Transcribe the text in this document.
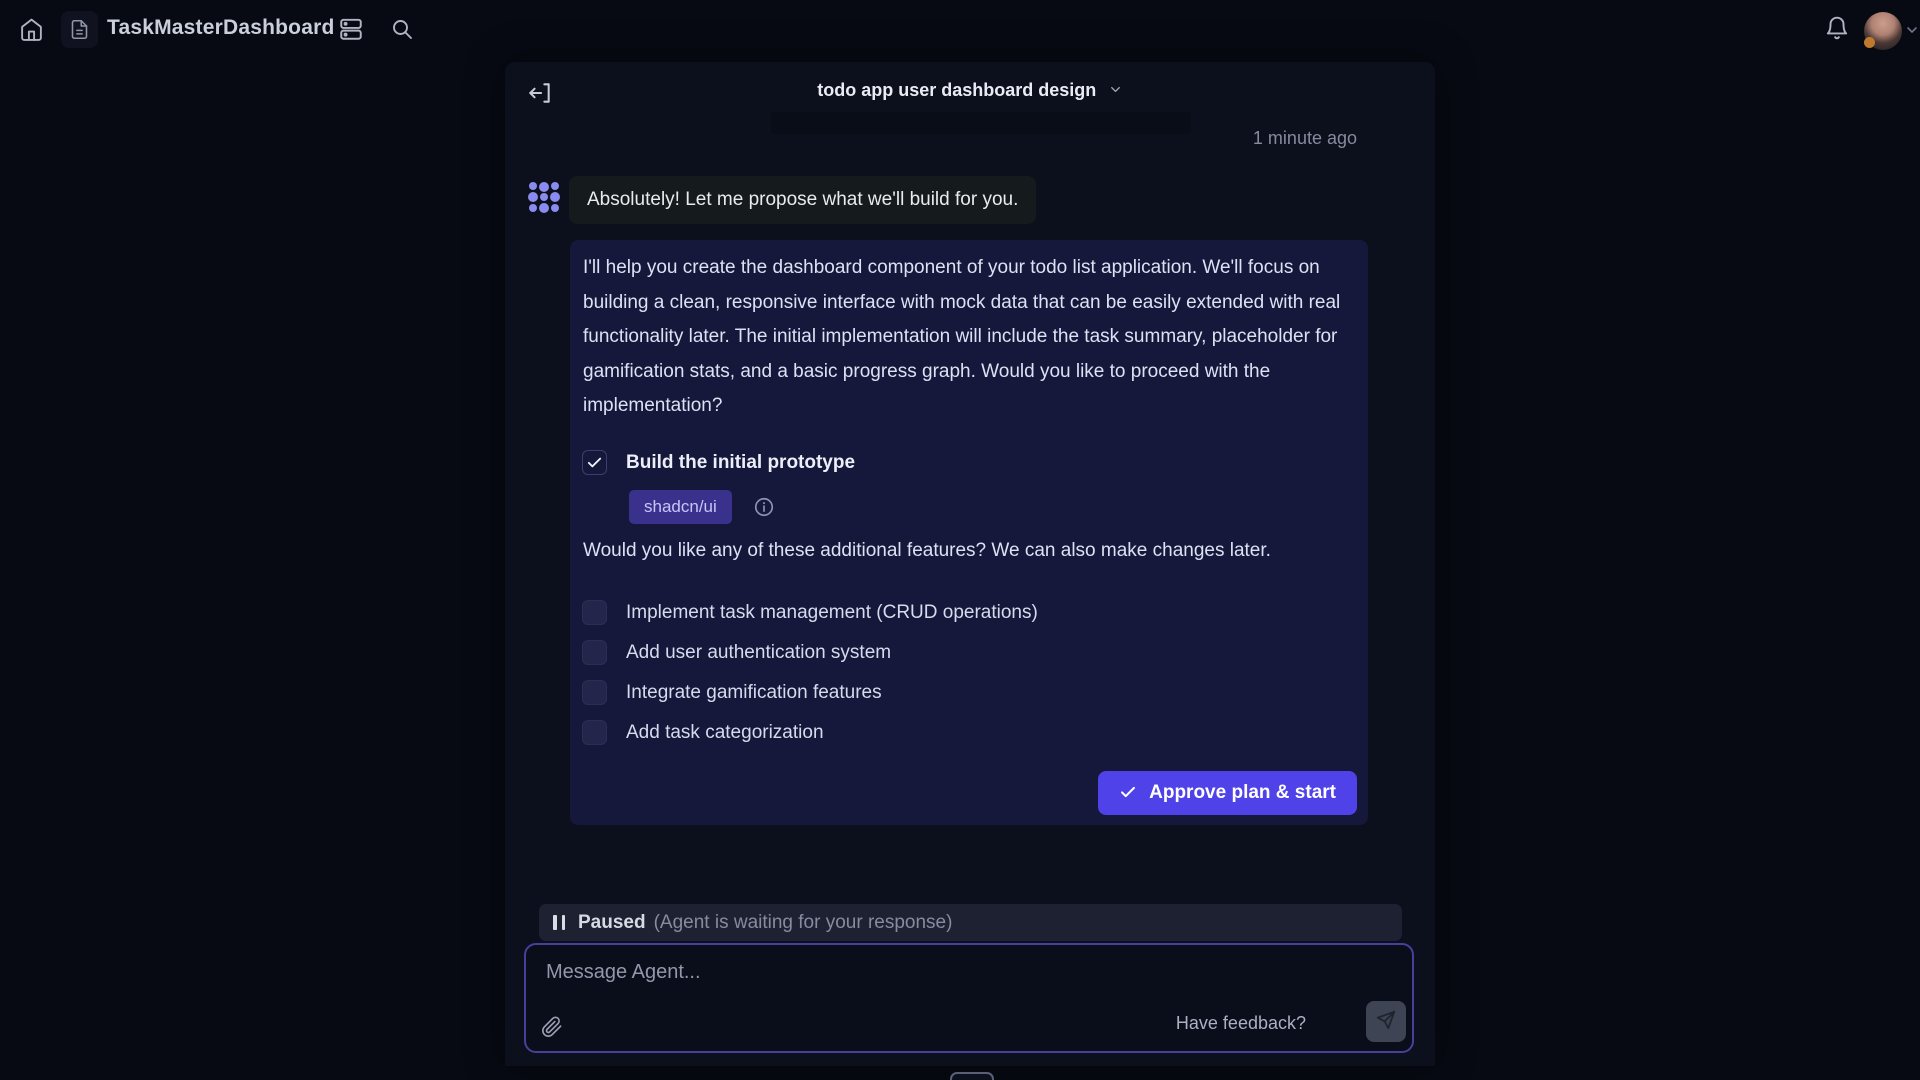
TaskMasterDashboard
todo app user dashboard design
1 minute ago
Absolutely! Let me propose what we'll build for you.
I'll help you create the dashboard component of your todo list application. We'll focus on building a clean, responsive interface with mock data that can be easily extended with real functionality later. The initial implementation will include the task summary, placeholder for gamification stats, and a basic progress graph. Would you like to proceed with the implementation?
Build the initial prototype
shadcn/ui
Would you like any of these additional features? We can also make changes later.
Implement task management (CRUD operations)
Add user authentication system
Integrate gamification features
Add task categorization
Approve plan & start
Paused (Agent is waiting for your response)
Message Agent...
Have feedback?
